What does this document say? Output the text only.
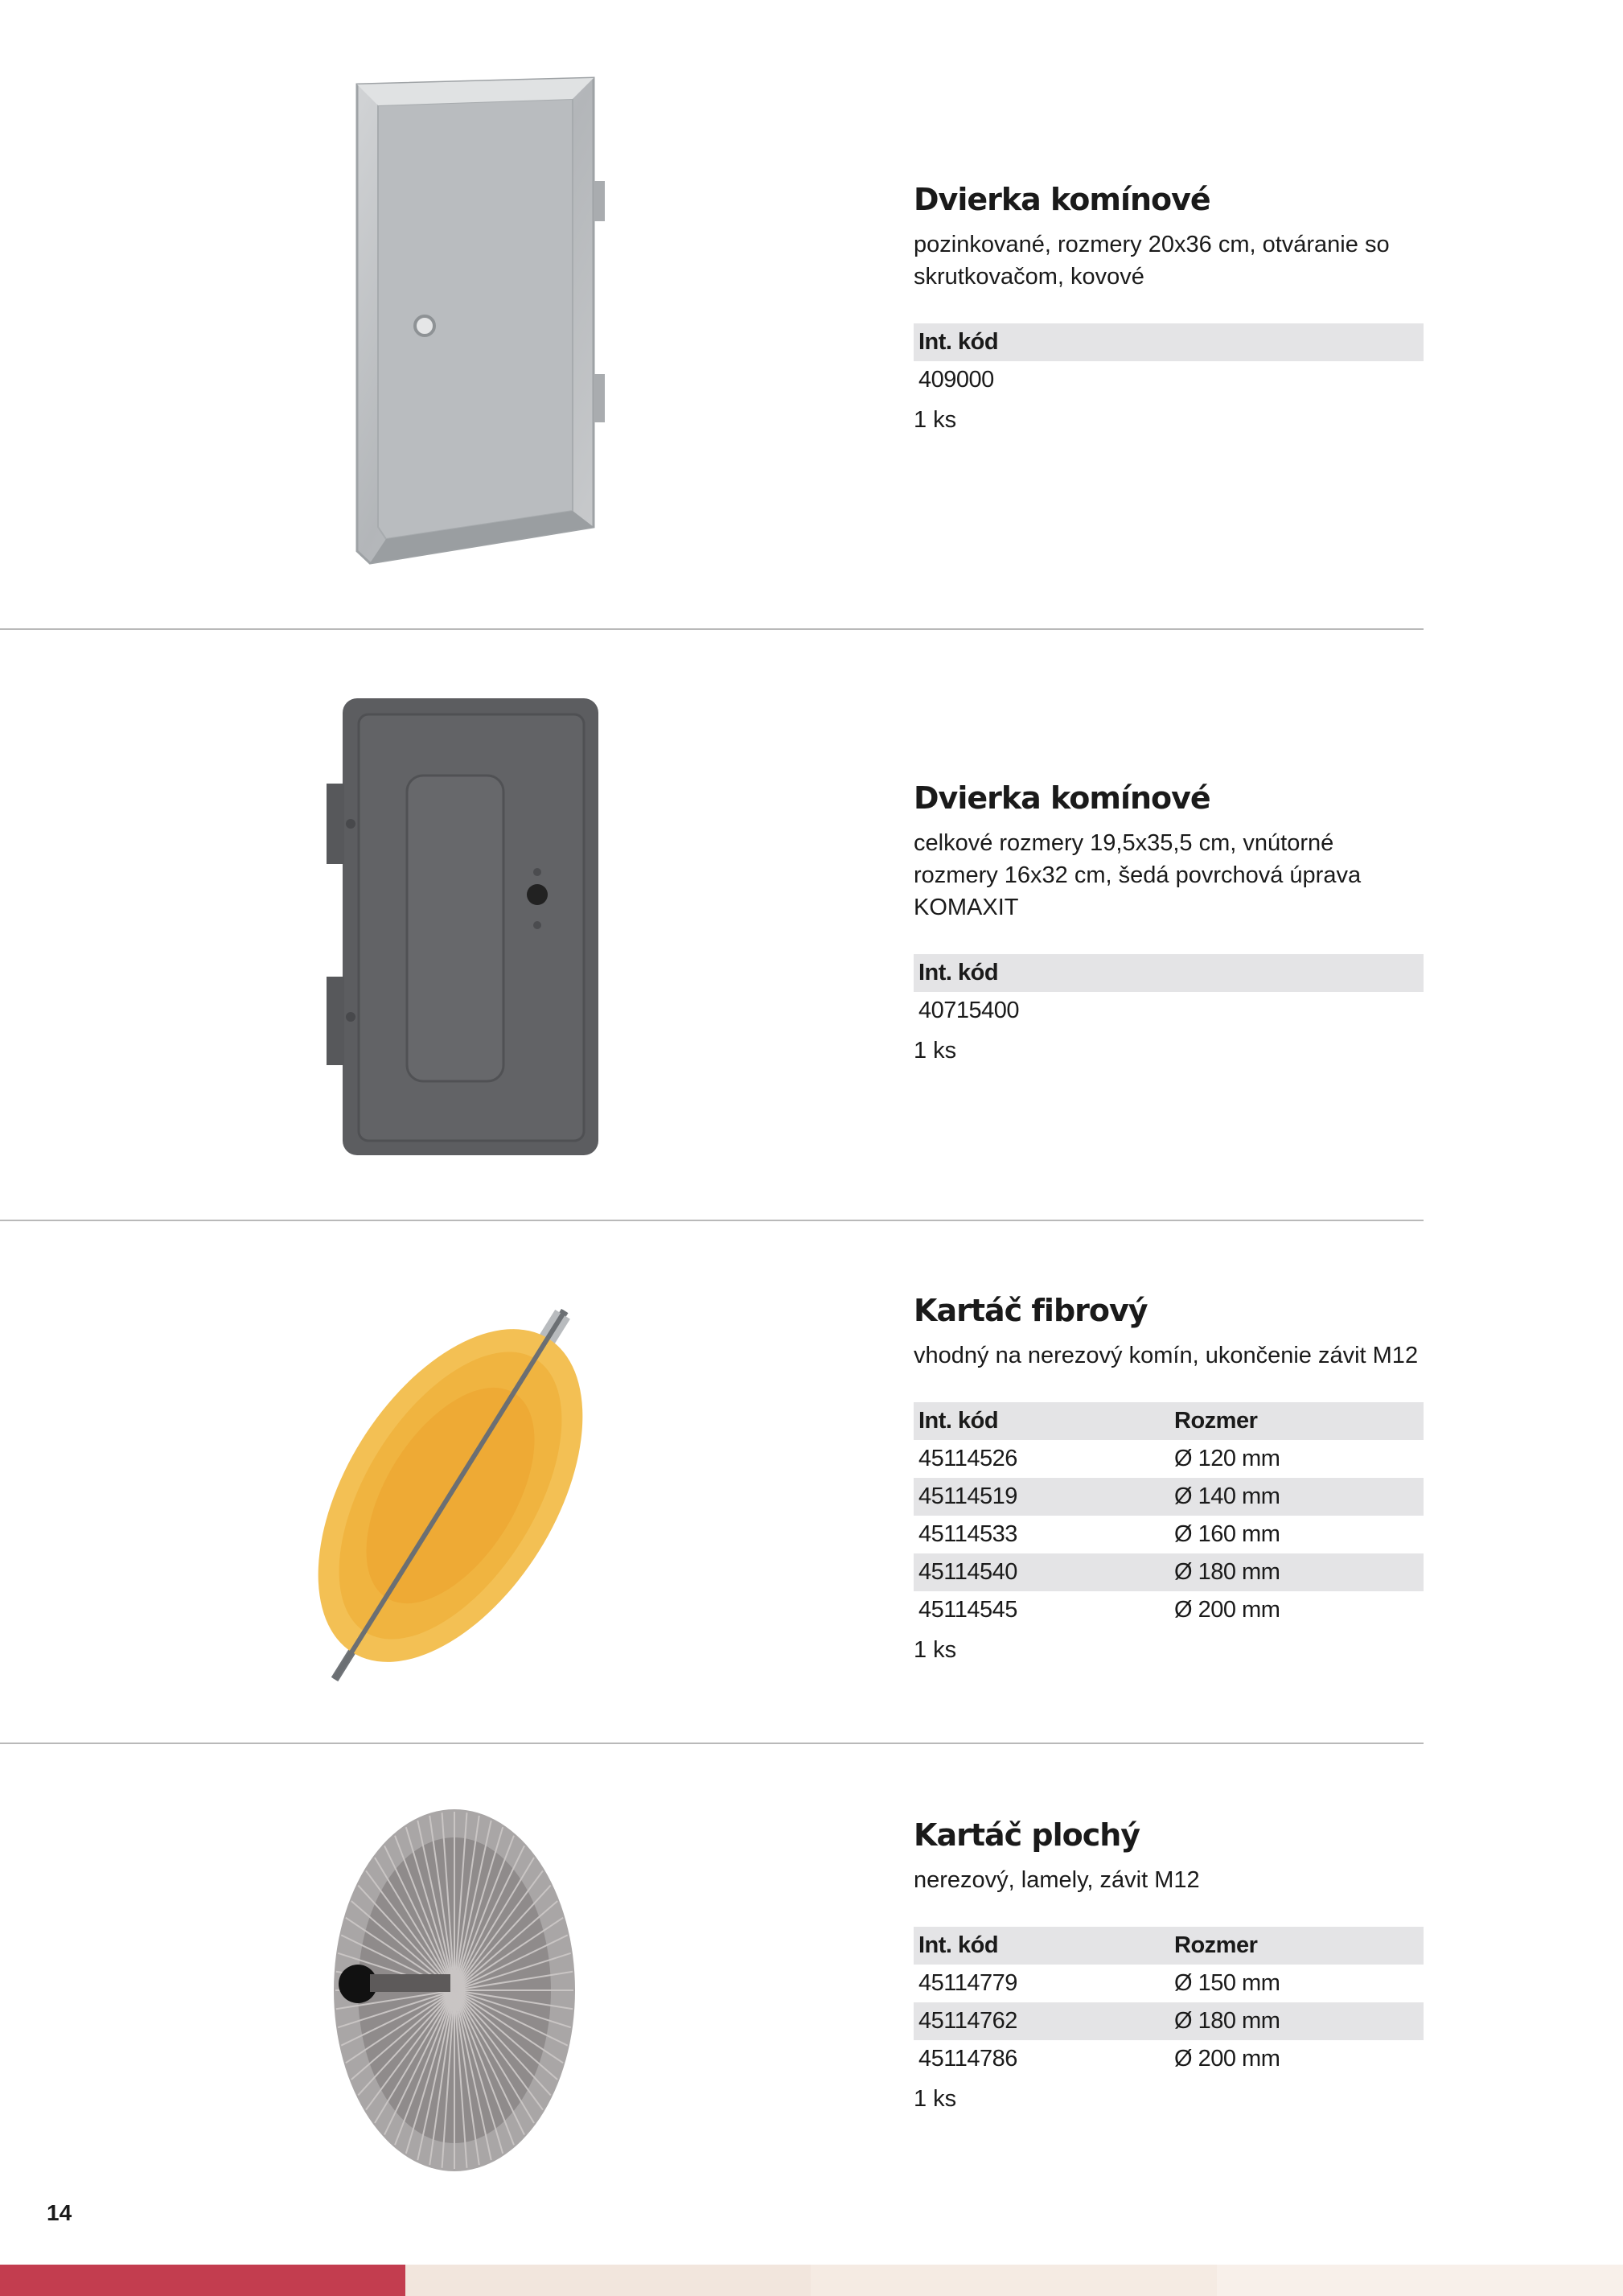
Dvierka komínové
pozinkované, rozmery 20x36 cm, otváranie so skrutkovačom, kovové
Int. kód
409000
1 ks
Dvierka komínové
celkové rozmery 19,5x35,5 cm, vnútorné rozmery 16x32 cm, šedá povrchová úprava KOMAXIT
Int. kód
40715400
1 ks
Kartáč fibrový
vhodný na nerezový komín, ukončenie závit M12
Int. kód	Rozmer
45114526	Ø 120 mm
45114519	Ø 140 mm
45114533	Ø 160 mm
45114540	Ø 180 mm
45114545	Ø 200 mm
1 ks
Kartáč plochý
nerezový, lamely, závit M12
Int. kód	Rozmer
45114779	Ø 150 mm
45114762	Ø 180 mm
45114786	Ø 200 mm
1 ks
14
